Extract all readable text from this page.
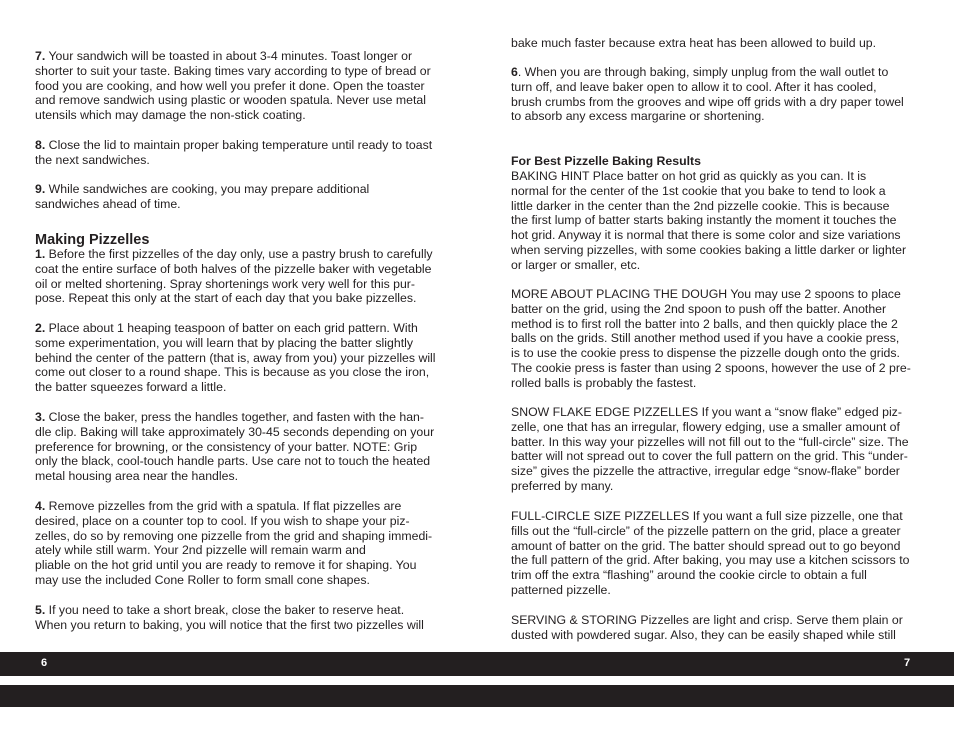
7. Your sandwich will be toasted in about 3-4 minutes. Toast longer or
shorter to suit your taste. Baking times vary according to type of bread or
food you are cooking, and how well you prefer it done. Open the toaster
and remove sandwich using plastic or wooden spatula. Never use metal
utensils which may damage the non-stick coating.

8. Close the lid to maintain proper baking temperature until ready to toast
the next sandwiches.

9. While sandwiches are cooking, you may prepare additional
sandwiches ahead of time.

Making Pizzelles

1. Before the first pizzelles of the day only, use a pastry brush to carefully
coat the entire surface of both halves of the pizzelle baker with vegetable
oil or melted shortening. Spray shortenings work very well for this pur-
pose. Repeat this only at the start of each day that you bake pizzelles.

2. Place about 1 heaping teaspoon of batter on each grid pattern. With
some experimentation, you will learn that by placing the batter slightly
behind the center of the pattern (that is, away from you) your pizzelles will
come out closer to a round shape. This is because as you close the iron,
the batter squeezes forward a little.

3. Close the baker, press the handles together, and fasten with the han-
dle clip. Baking will take approximately 30-45 seconds depending on your
preference for browning, or the consistency of your batter. NOTE: Grip
only the black, cool-touch handle parts. Use care not to touch the heated
metal housing area near the handles.

4. Remove pizzelles from the grid with a spatula. If flat pizzelles are
desired, place on a counter top to cool. If you wish to shape your piz-
zelles, do so by removing one pizzelle from the grid and shaping immedi-
ately while still warm. Your 2nd pizzelle will remain warm and
pliable on the hot grid until you are ready to remove it for shaping. You
may use the included Cone Roller to form small cone shapes.

5. If you need to take a short break, close the baker to reserve heat.
When you return to baking, you will notice that the first two pizzelles will

bake much faster because extra heat has been allowed to build up.

6. When you are through baking, simply unplug from the wall outlet to
turn off, and leave baker open to allow it to cool. After it has cooled,
brush crumbs from the grooves and wipe off grids with a dry paper towel
to absorb any excess margarine or shortening.

For Best Pizzelle Baking Results

BAKING HINT Place batter on hot grid as quickly as you can. It is
normal for the center of the 1st cookie that you bake to tend to look a
little darker in the center than the 2nd pizzelle cookie. This is because
the first lump of batter starts baking instantly the moment it touches the
hot grid. Anyway it is normal that there is some color and size variations
when serving pizzelles, with some cookies baking a little darker or lighter
or larger or smaller, etc.

MORE ABOUT PLACING THE DOUGH You may use 2 spoons to place
batter on the grid, using the 2nd spoon to push off the batter. Another
method is to first roll the batter into 2 balls, and then quickly place the 2
balls on the grids. Still another method used if you have a cookie press,
is to use the cookie press to dispense the pizzelle dough onto the grids.
The cookie press is faster than using 2 spoons, however the use of 2 pre-
rolled balls is probably the fastest.

SNOW FLAKE EDGE PIZZELLES If you want a “snow flake” edged piz-
zelle, one that has an irregular, flowery edging, use a smaller amount of
batter. In this way your pizzelles will not fill out to the “full-circle” size. The
batter will not spread out to cover the full pattern on the grid. This “under-
size” gives the pizzelle the attractive, irregular edge “snow-flake” border
preferred by many.

FULL-CIRCLE SIZE PIZZELLES If you want a full size pizzelle, one that
fills out the “full-circle” of the pizzelle pattern on the grid, place a greater
amount of batter on the grid. The batter should spread out to go beyond
the full pattern of the grid. After baking, you may use a kitchen scissors to
trim off the extra “flashing” around the cookie circle to obtain a full
patterned pizzelle.

SERVING & STORING Pizzelles are light and crisp. Serve them plain or
dusted with powdered sugar. Also, they can be easily shaped while still

6	7
